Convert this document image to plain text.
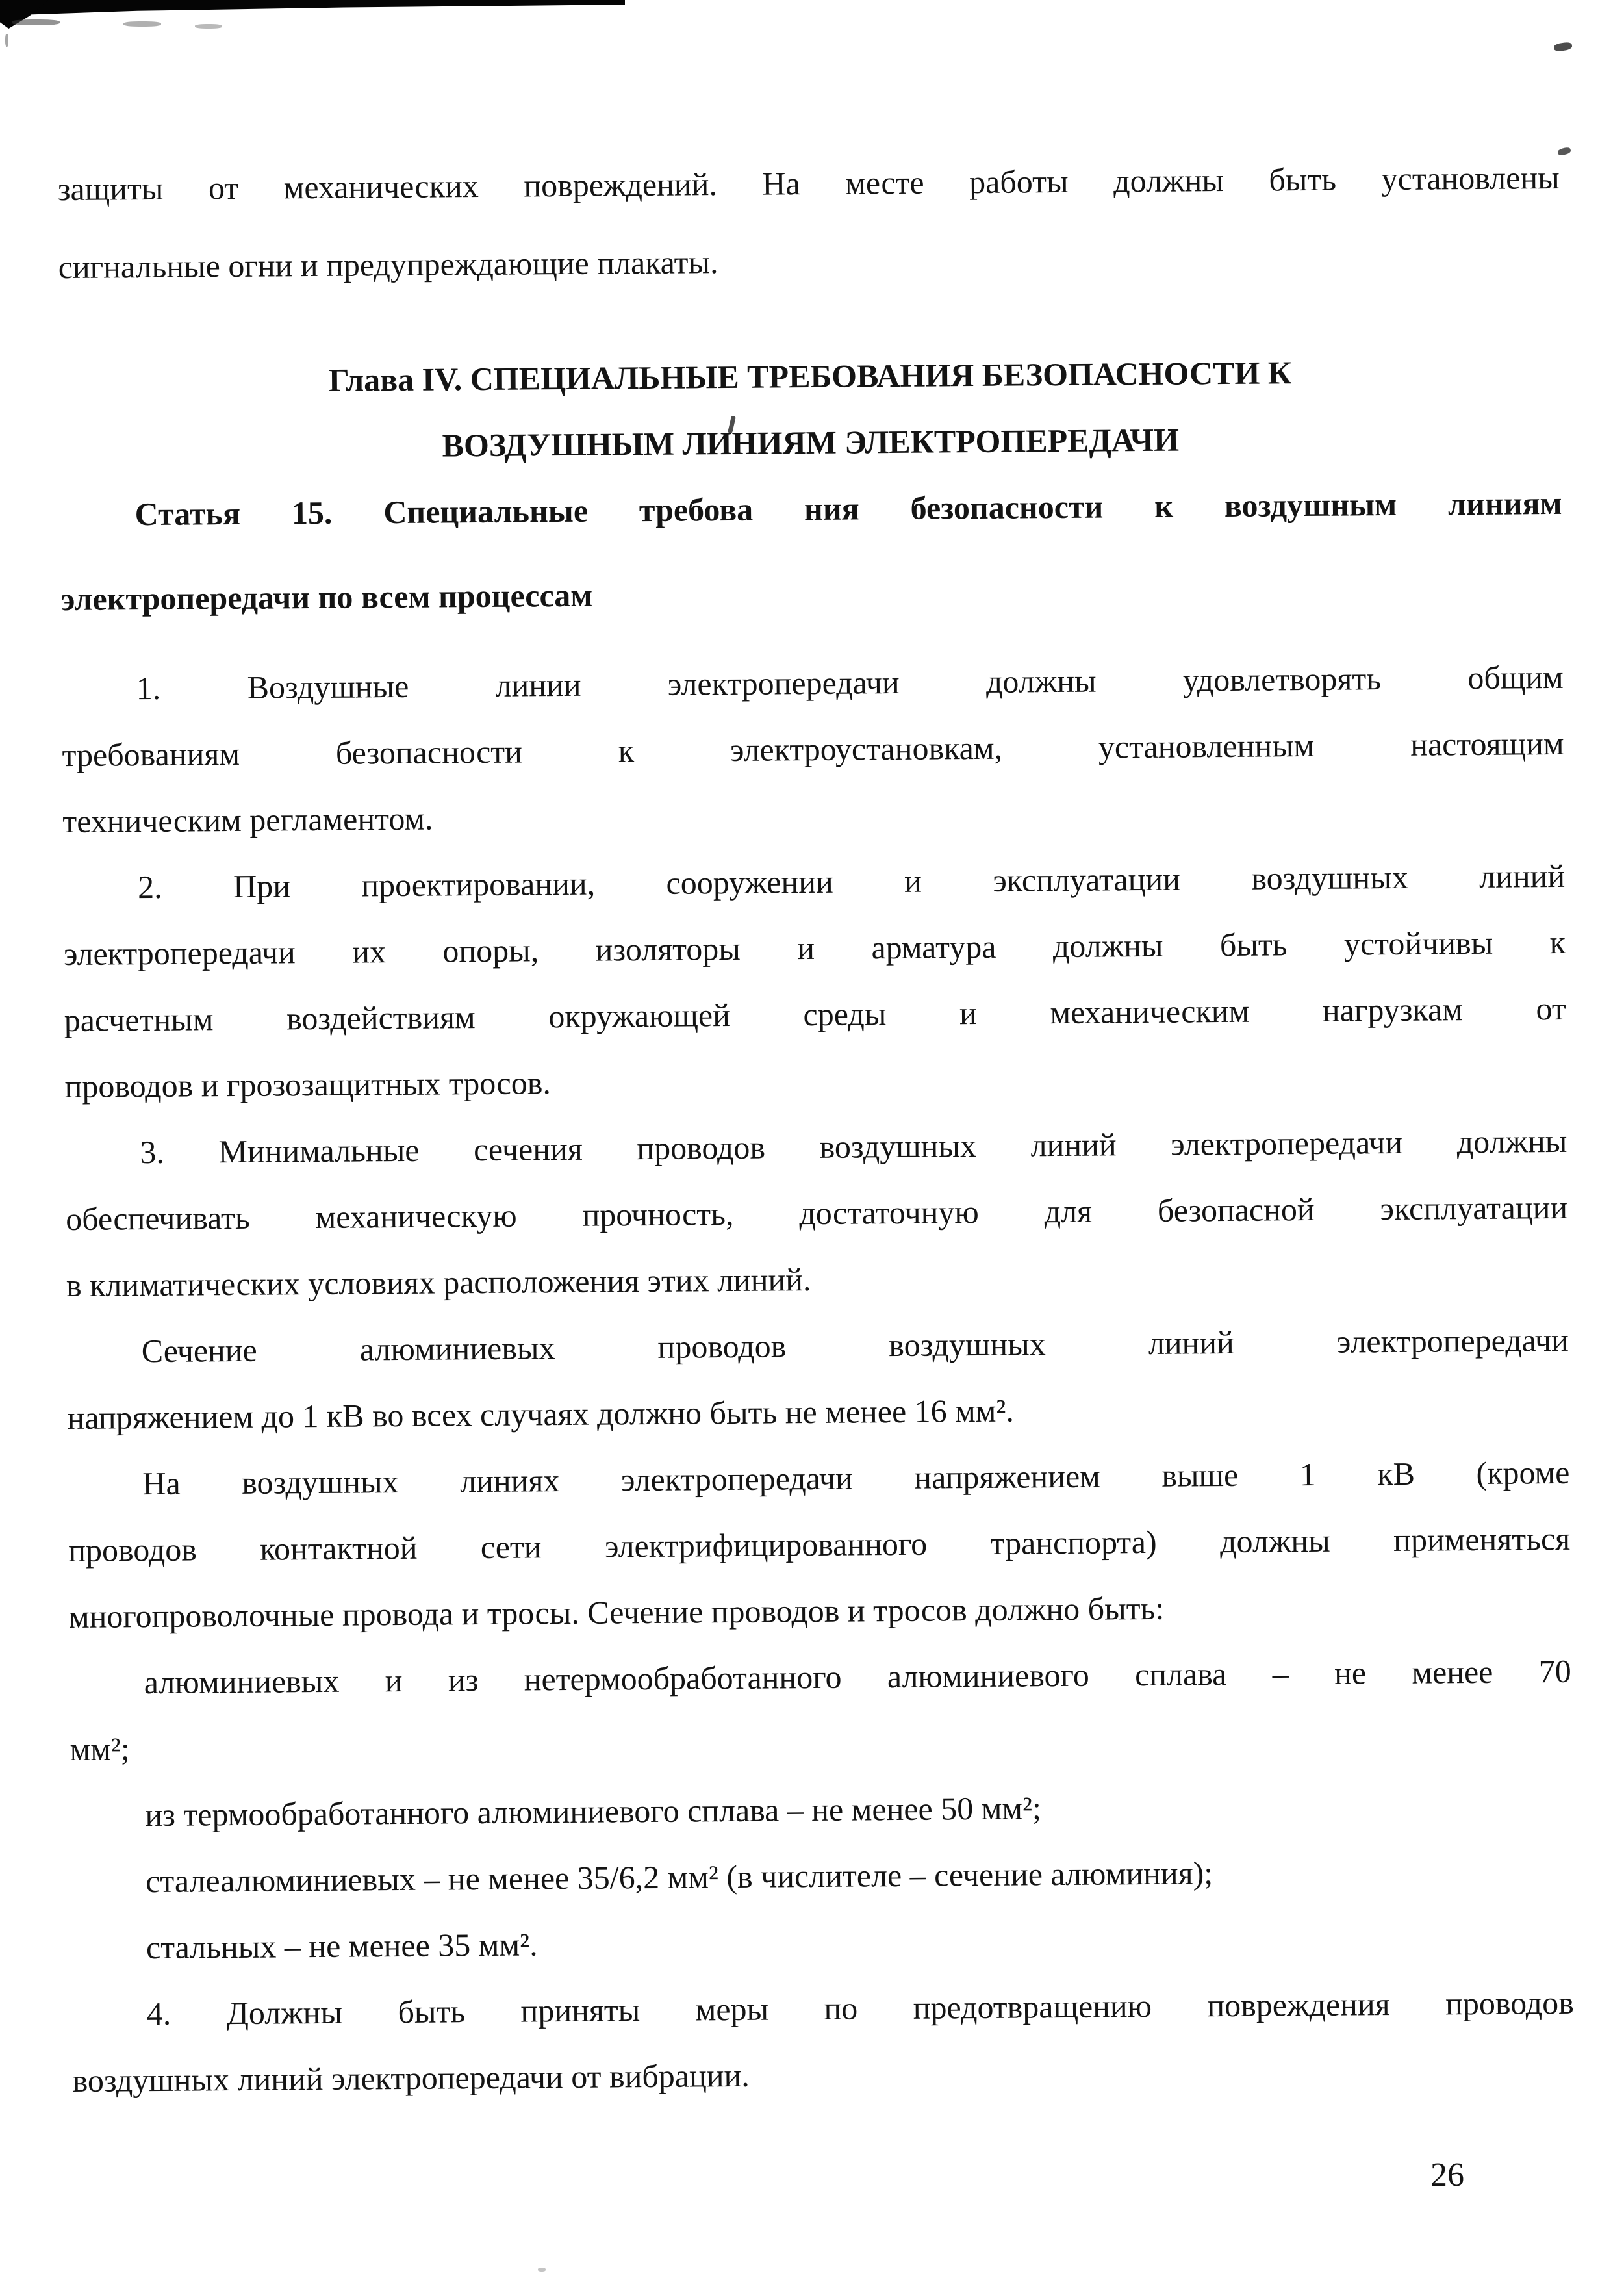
защиты от механических повреждений. На месте работы должны быть установлены
сигнальные огни и предупреждающие плакаты.
Глава IV. СПЕЦИАЛЬНЫЕ ТРЕБОВАНИЯ БЕЗОПАСНОСТИ К
ВОЗДУШНЫМ ЛИНИЯМ ЭЛЕКТРОПЕРЕДАЧИ
Статья 15. Специальные требова ния безопасности к воздушным линиям
электропередачи по всем процессам
1. Воздушные линии электропередачи должны удовлетворять общим
требованиям безопасности к электроустановкам, установленным настоящим
техническим регламентом.
2. При проектировании, сооружении и эксплуатации воздушных линий
электропередачи их опоры, изоляторы и арматура должны быть устойчивы к
расчетным воздействиям окружающей среды и механическим нагрузкам от
проводов и грозозащитных тросов.
3. Минимальные сечения проводов воздушных линий электропередачи должны
обеспечивать механическую прочность, достаточную для безопасной эксплуатации
в климатических условиях расположения этих линий.
Сечение алюминиевых проводов воздушных линий электропередачи
напряжением до 1 кВ во всех случаях должно быть не менее 16 мм².
На воздушных линиях электропередачи напряжением выше 1 кВ (кроме
проводов контактной сети электрифицированного транспорта) должны применяться
многопроволочные провода и тросы. Сечение проводов и тросов должно быть:
алюминиевых и из нетермообработанного алюминиевого сплава – не менее 70
мм²;
из термообработанного алюминиевого сплава – не менее 50 мм²;
сталеалюминиевых – не менее 35/6,2 мм² (в числителе – сечение алюминия);
стальных – не менее 35 мм².
4. Должны быть приняты меры по предотвращению повреждения проводов
воздушных линий электропередачи от вибрации.
26
